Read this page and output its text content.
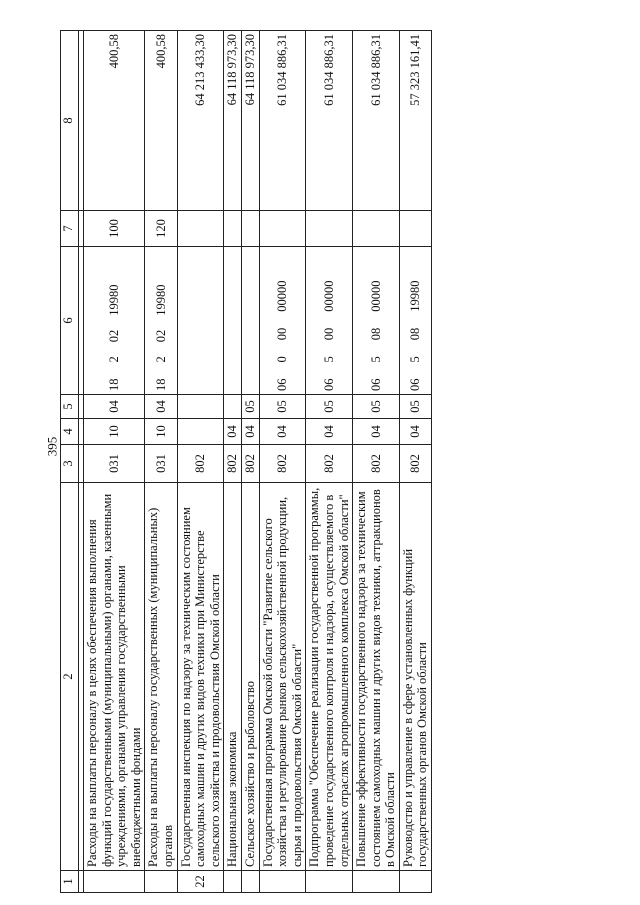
395
1	2	3	4	5	6	7	8

	Расходы на выплаты персоналу в целях обеспечения выполнения функций государственными (муниципальными) органами, казенными учреждениями, органами управления государственными внебюджетными фондами	031	10	04	1820219980	100	400,58
	Расходы на выплаты персоналу государственных (муниципальных) органов	031	10	04	1820219980	120	400,58
22	Государственная инспекция по надзору за техническим состоянием самоходных машин и других видов техники при Министерстве сельского хозяйства и продовольствия Омской области	802					64 213 433,30
	Национальная экономика	802	04				64 118 973,30
	Сельское хозяйство и рыболовство	802	04	05			64 118 973,30
	Государственная программа Омской области "Развитие сельского хозяйства и регулирование рынков сельскохозяйственной продукции, сырья и продовольствия Омской области"	802	04	05	0600000000		61 034 886,31
	Подпрограмма "Обеспечение реализации государственной программы, проведение государственного контроля и надзора, осуществляемого в отдельных отраслях агропромышленного комплекса Омской области"	802	04	05	0650000000		61 034 886,31
	Повышение эффективности государственного надзора за техническим состоянием самоходных машин и других видов техники, аттракционов в Омской области	802	04	05	0650800000		61 034 886,31
	Руководство и управление в сфере установленных функций государственных органов Омской области	802	04	05	0650819980		57 323 161,41
